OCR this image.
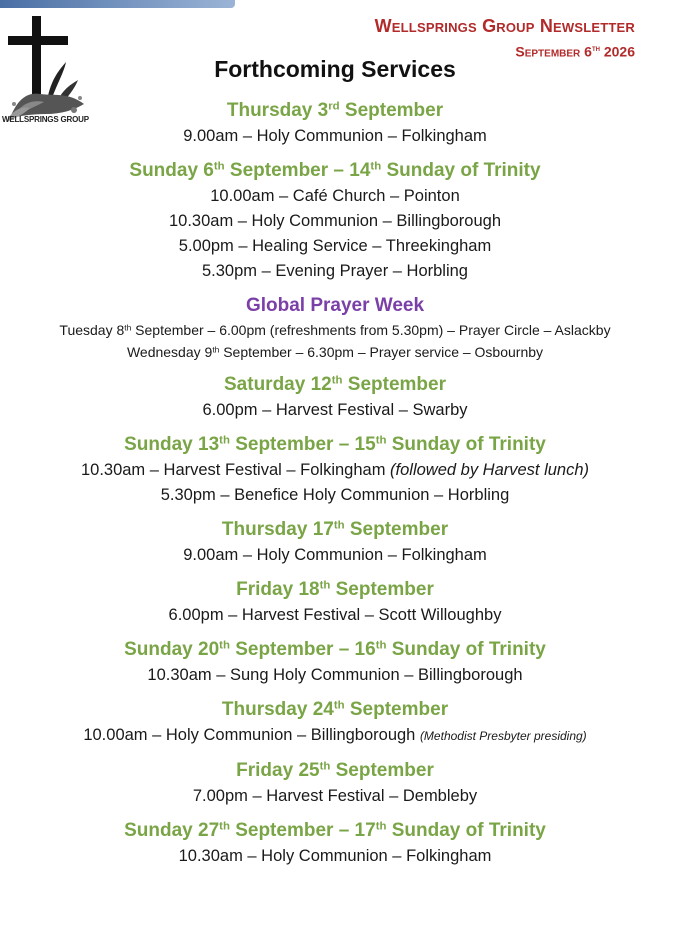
WELLSPRINGS GROUP
Wellsprings Group Newsletter
September 6th 2026
Forthcoming Services
Thursday 3rd September
9.00am – Holy Communion – Folkingham
Sunday 6th September – 14th Sunday of Trinity
10.00am – Café Church – Pointon
10.30am – Holy Communion – Billingborough
5.00pm – Healing Service – Threekingham
5.30pm – Evening Prayer – Horbling
Global Prayer Week
Tuesday 8th September – 6.00pm (refreshments from 5.30pm) – Prayer Circle – Aslackby
Wednesday 9th September – 6.30pm – Prayer service – Osbournby
Saturday 12th September
6.00pm – Harvest Festival – Swarby
Sunday 13th September – 15th Sunday of Trinity
10.30am – Harvest Festival – Folkingham (followed by Harvest lunch)
5.30pm – Benefice Holy Communion – Horbling
Thursday 17th September
9.00am – Holy Communion – Folkingham
Friday 18th September
6.00pm – Harvest Festival – Scott Willoughby
Sunday 20th September – 16th Sunday of Trinity
10.30am – Sung Holy Communion – Billingborough
Thursday 24th September
10.00am – Holy Communion – Billingborough (Methodist Presbyter presiding)
Friday 25th September
7.00pm – Harvest Festival – Dembleby
Sunday 27th September – 17th Sunday of Trinity
10.30am – Holy Communion – Folkingham
